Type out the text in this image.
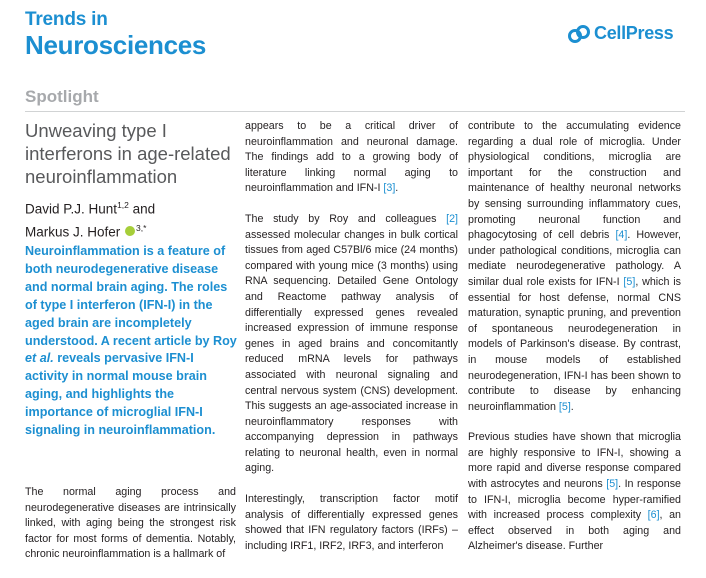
Trends in
Neurosciences	CellPress
Spotlight
Unweaving type I interferons in age-related neuroinflammation
David P.J. Hunt$^{1,2}$ and
Markus J. Hofer $^{3,*}$

Neuroinflammation is a feature of both neurodegenerative disease and normal brain aging. The roles of type I interferon (IFN-I) in the aged brain are incompletely understood. A recent article by Roy et al. reveals pervasive IFN-I activity in normal mouse brain aging, and highlights the importance of microglial IFN-I signaling in neuroinflammation.

The normal aging process and neurodegenerative diseases are intrinsically linked, with aging being the strongest risk factor for most forms of dementia. Notably, chronic neuroinflammation is a hallmark of

appears to be a critical driver of neuroinflammation and neuronal damage. The findings add to a growing body of literature linking normal aging to neuroinflammation and IFN-I [3].

The study by Roy and colleagues [2] assessed molecular changes in bulk cortical tissues from aged C57Bl/6 mice (24 months) compared with young mice (3 months) using RNA sequencing. Detailed Gene Ontology and Reactome pathway analysis of differentially expressed genes revealed increased expression of immune response genes in aged brains and concomitantly reduced mRNA levels for pathways associated with neuronal signaling and central nervous system (CNS) development. This suggests an age-associated increase in neuroinflammatory responses with accompanying depression in pathways relating to neuronal health, even in normal aging.

Interestingly, transcription factor motif analysis of differentially expressed genes showed that IFN regulatory factors (IRFs) – including IRF1, IRF2, IRF3, and interferon

contribute to the accumulating evidence regarding a dual role of microglia. Under physiological conditions, microglia are important for the construction and maintenance of healthy neuronal networks by sensing surrounding inflammatory cues, promoting neuronal function and phagocytosing of cell debris [4]. However, under pathological conditions, microglia can mediate neurodegenerative pathology. A similar dual role exists for IFN-I [5], which is essential for host defense, normal CNS maturation, synaptic pruning, and prevention of spontaneous neurodegeneration in models of Parkinson's disease. By contrast, in mouse models of established neurodegeneration, IFN-I has been shown to contribute to disease by enhancing neuroinflammation [5].

Previous studies have shown that microglia are highly responsive to IFN-I, showing a more rapid and diverse response compared with astrocytes and neurons [5]. In response to IFN-I, microglia become hyper-ramified with increased process complexity [6], an effect observed in both aging and Alzheimer's disease. Further
